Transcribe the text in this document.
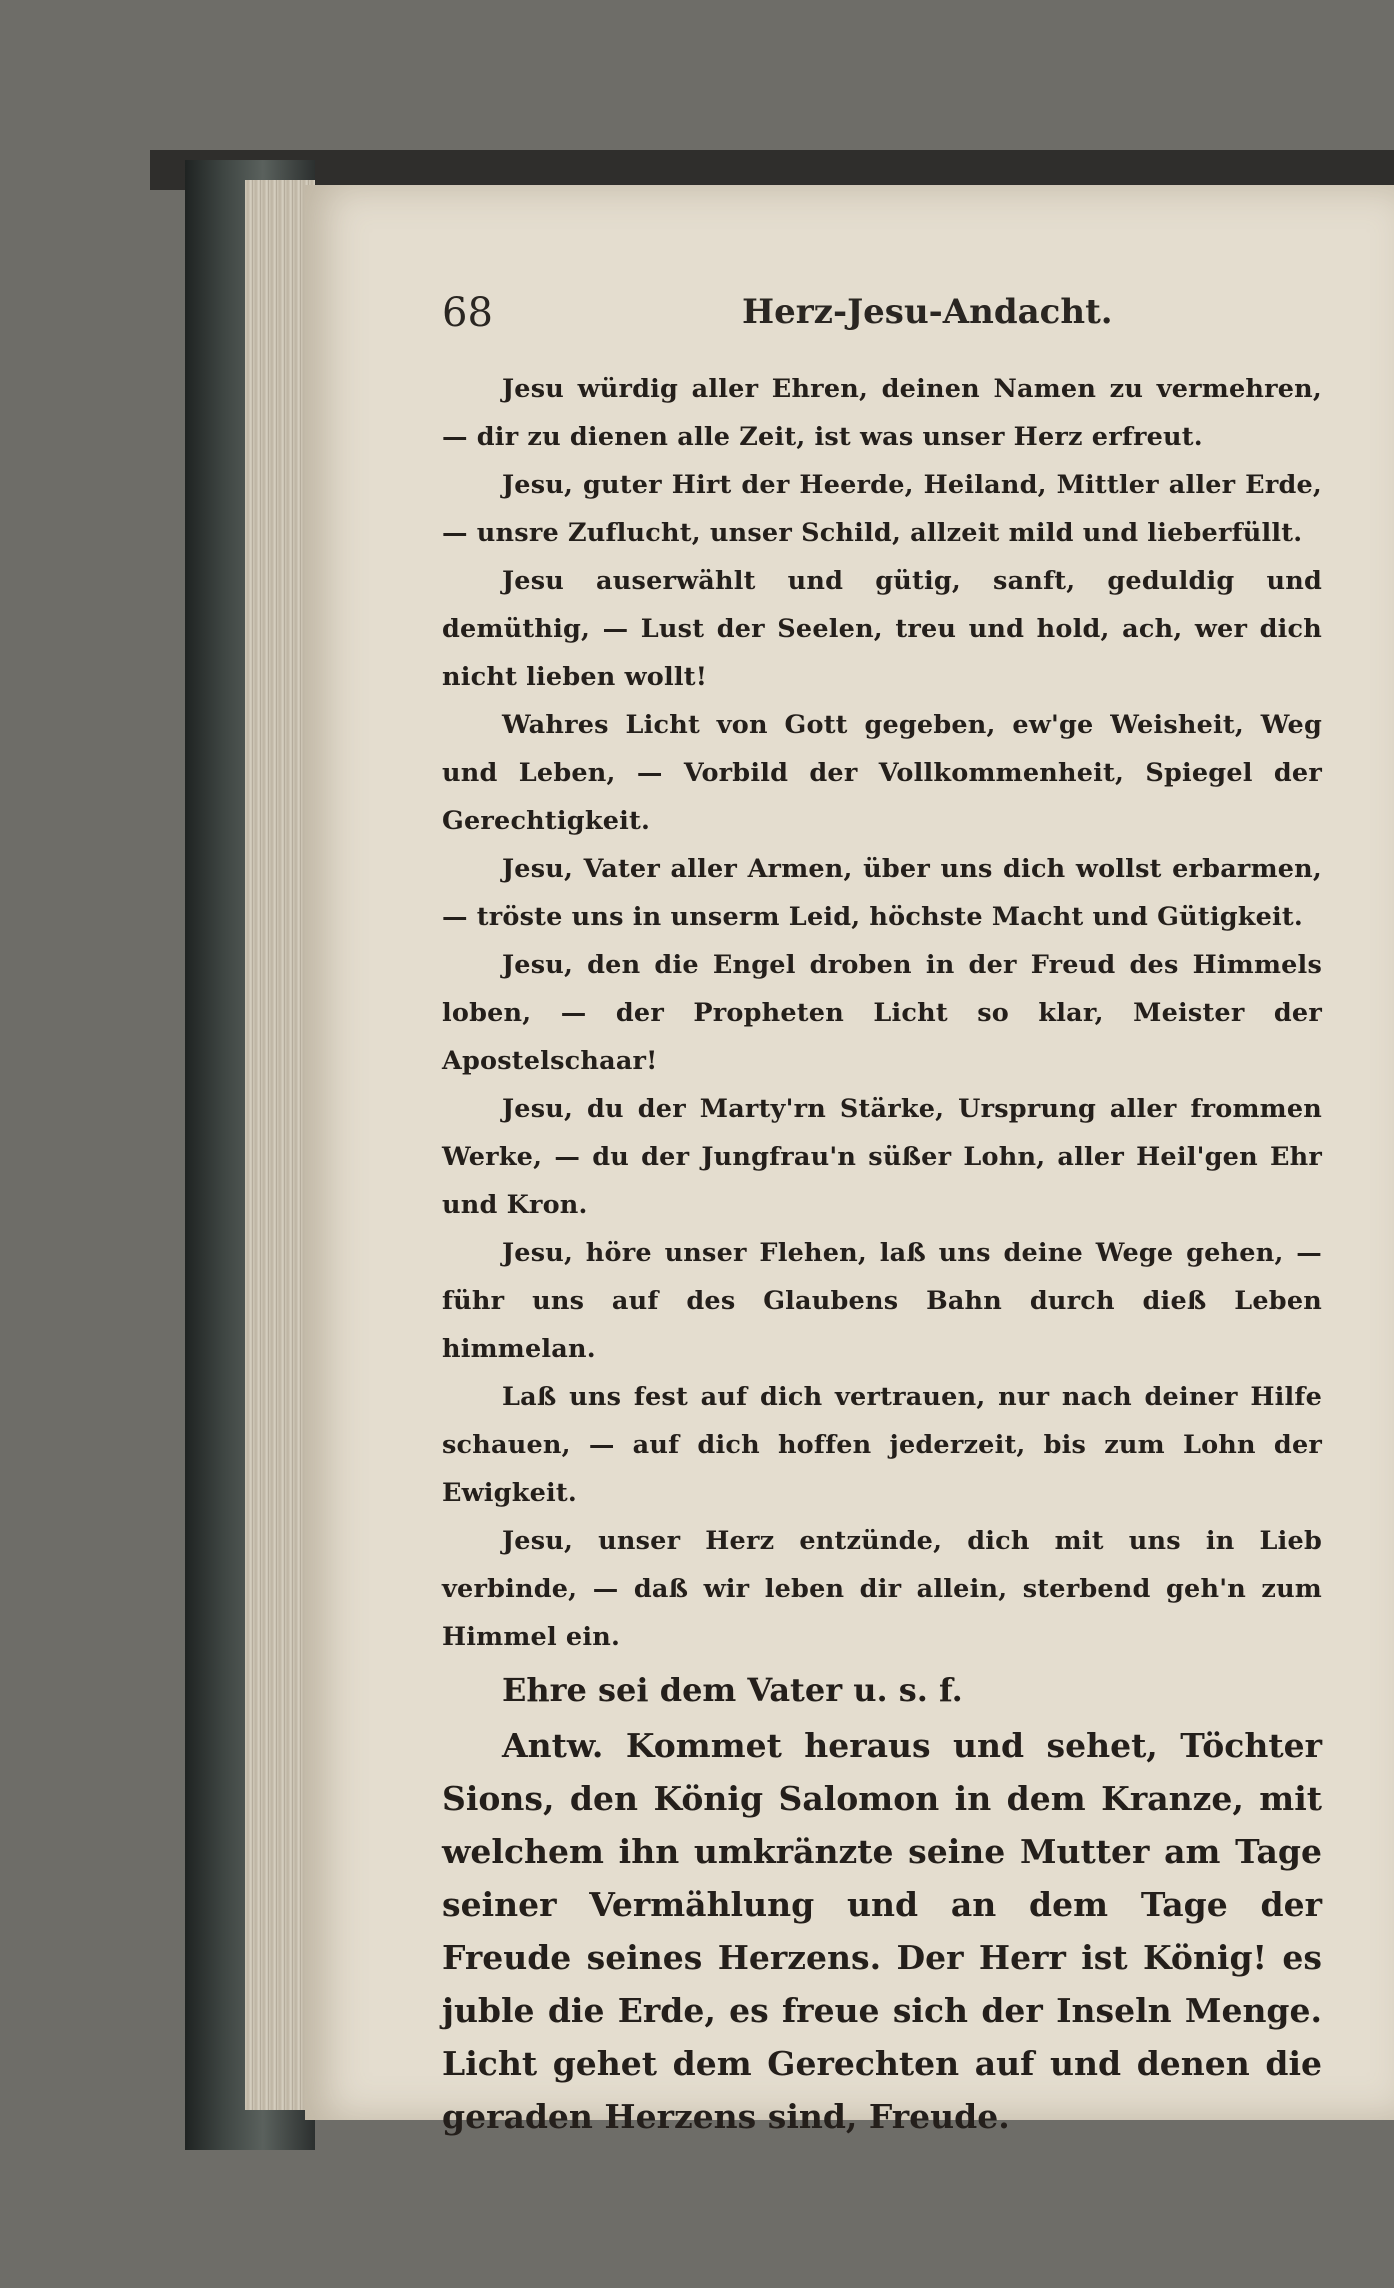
68	Herz-Jesu-Andacht.

Jesu würdig aller Ehren, deinen Namen zu vermehren, — dir zu dienen alle Zeit, ist was unser Herz erfreut.

Jesu, guter Hirt der Heerde, Heiland, Mittler aller Erde, — unsre Zuflucht, unser Schild, allzeit mild und lieberfüllt.

Jesu auserwählt und gütig, sanft, geduldig und demüthig, — Lust der Seelen, treu und hold, ach, wer dich nicht lieben wollt!

Wahres Licht von Gott gegeben, ew'ge Weisheit, Weg und Leben, — Vorbild der Vollkommenheit, Spiegel der Gerechtigkeit.

Jesu, Vater aller Armen, über uns dich wollst erbarmen, — tröste uns in unserm Leid, höchste Macht und Gütigkeit.

Jesu, den die Engel droben in der Freud des Himmels loben, — der Propheten Licht so klar, Meister der Apostelschaar!

Jesu, du der Marty'rn Stärke, Ursprung aller frommen Werke, — du der Jungfrau'n süßer Lohn, aller Heil'gen Ehr und Kron.

Jesu, höre unser Flehen, laß uns deine Wege gehen, — führ uns auf des Glaubens Bahn durch dieß Leben himmelan.

Laß uns fest auf dich vertrauen, nur nach deiner Hilfe schauen, — auf dich hoffen jederzeit, bis zum Lohn der Ewigkeit.

Jesu, unser Herz entzünde, dich mit uns in Lieb verbinde, — daß wir leben dir allein, sterbend geh'n zum Himmel ein.

Ehre sei dem Vater u. s. f.

Antw. Kommet heraus und sehet, Töchter Sions, den König Salomon in dem Kranze, mit welchem ihn umkränzte seine Mutter am Tage seiner Vermählung und an dem Tage der Freude seines Herzens. Der Herr ist König! es juble die Erde, es freue sich der Inseln Menge. Licht gehet dem Gerechten auf und denen die geraden Herzens sind, Freude.
